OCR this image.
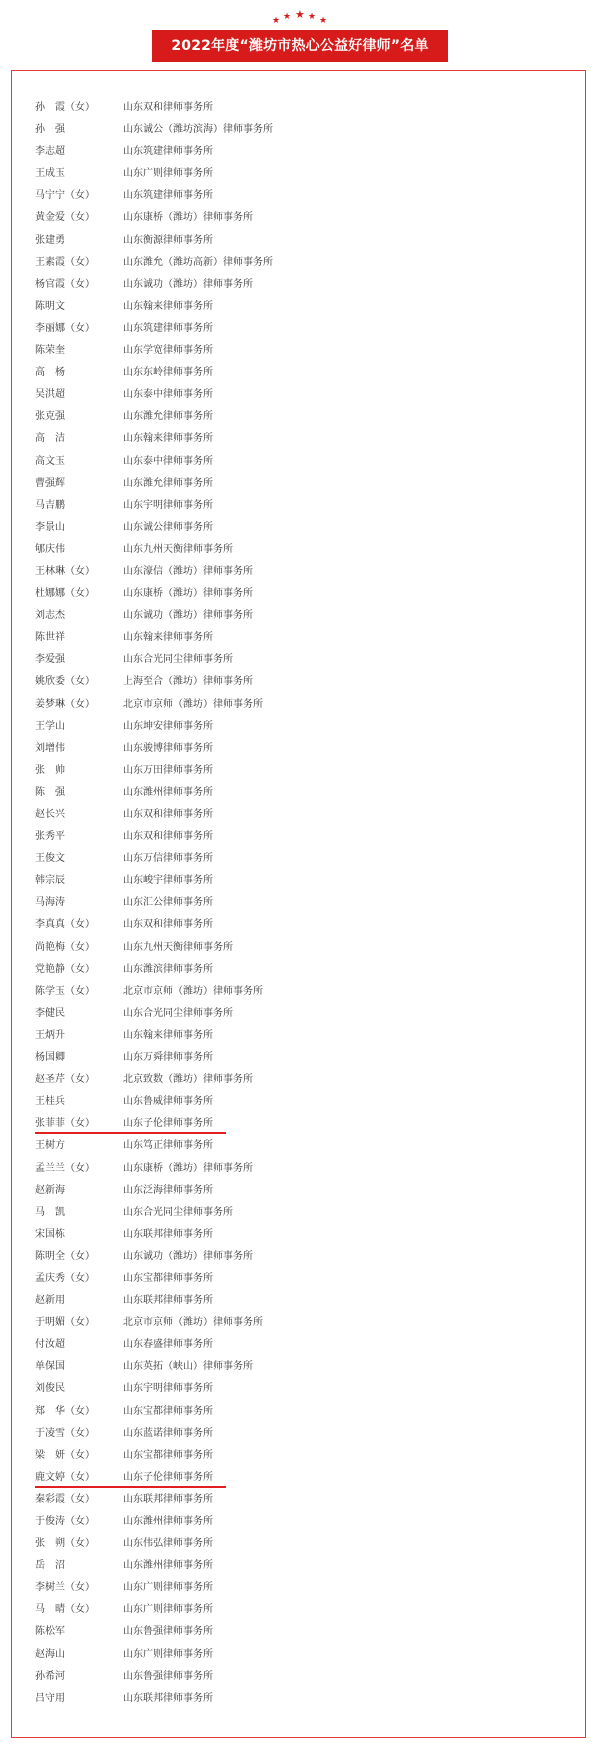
★ ★ ★ ★ ★
2022年度“潍坊市热心公益好律师”名单
孙　霞（女）	山东双和律师事务所
孙　强	山东诚公（潍坊滨海）律师事务所
李志超	山东筑建律师事务所
王成玉	山东广则律师事务所
马宁宁（女）	山东筑建律师事务所
黄金爱（女）	山东康桥（潍坊）律师事务所
张建勇	山东衡源律师事务所
王素霞（女）	山东潍允（潍坊高新）律师事务所
杨官霞（女）	山东诚功（潍坊）律师事务所
陈明文	山东翰来律师事务所
李丽娜（女）	山东筑建律师事务所
陈荣奎	山东学宽律师事务所
高　杨	山东东岭律师事务所
吴洪超	山东泰中律师事务所
张克强	山东潍允律师事务所
高　洁	山东翰来律师事务所
高文玉	山东泰中律师事务所
曹强辉	山东潍允律师事务所
马吉鹏	山东宇明律师事务所
李景山	山东诚公律师事务所
郇庆伟	山东九州天衡律师事务所
王林琳（女）	山东濠信（潍坊）律师事务所
杜娜娜（女）	山东康桥（潍坊）律师事务所
刘志杰	山东诚功（潍坊）律师事务所
陈世祥	山东翰来律师事务所
李爱强	山东合光同尘律师事务所
姚欣委（女）	上海至合（潍坊）律师事务所
姜梦琳（女）	北京市京师（潍坊）律师事务所
王学山	山东坤安律师事务所
刘增伟	山东骏博律师事务所
张　帅	山东万田律师事务所
陈　强	山东潍州律师事务所
赵长兴	山东双和律师事务所
张秀平	山东双和律师事务所
王俊文	山东万信律师事务所
韩宗辰	山东峻宇律师事务所
马海涛	山东汇公律师事务所
李真真（女）	山东双和律师事务所
尚艳梅（女）	山东九州天衡律师事务所
党艳静（女）	山东潍滨律师事务所
陈学玉（女）	北京市京师（潍坊）律师事务所
李健民	山东合光同尘律师事务所
王炳升	山东翰来律师事务所
杨国卿	山东万舜律师事务所
赵圣芹（女）	北京致数（潍坊）律师事务所
王桂兵	山东鲁威律师事务所
张菲菲（女）	山东子伦律师事务所
王树方	山东笃正律师事务所
孟兰兰（女）	山东康桥（潍坊）律师事务所
赵新海	山东泛海律师事务所
马　凯	山东合光同尘律师事务所
宋国栋	山东联邦律师事务所
陈明全（女）	山东诚功（潍坊）律师事务所
孟庆秀（女）	山东宝都律师事务所
赵新用	山东联邦律师事务所
于明媚（女）	北京市京师（潍坊）律师事务所
付汝超	山东春盛律师事务所
单保国	山东英拓（峡山）律师事务所
刘俊民	山东宇明律师事务所
郑　华（女）	山东宝都律师事务所
于凌雪（女）	山东蓝诺律师事务所
梁　妍（女）	山东宝都律师事务所
鹿文婷（女）	山东子伦律师事务所
秦彩霞（女）	山东联邦律师事务所
于俊涛（女）	山东潍州律师事务所
张　朔（女）	山东伟弘律师事务所
岳　沼	山东潍州律师事务所
李树兰（女）	山东广则律师事务所
马　晴（女）	山东广则律师事务所
陈松军	山东鲁强律师事务所
赵海山	山东广则律师事务所
孙希河	山东鲁强律师事务所
吕守用	山东联邦律师事务所
